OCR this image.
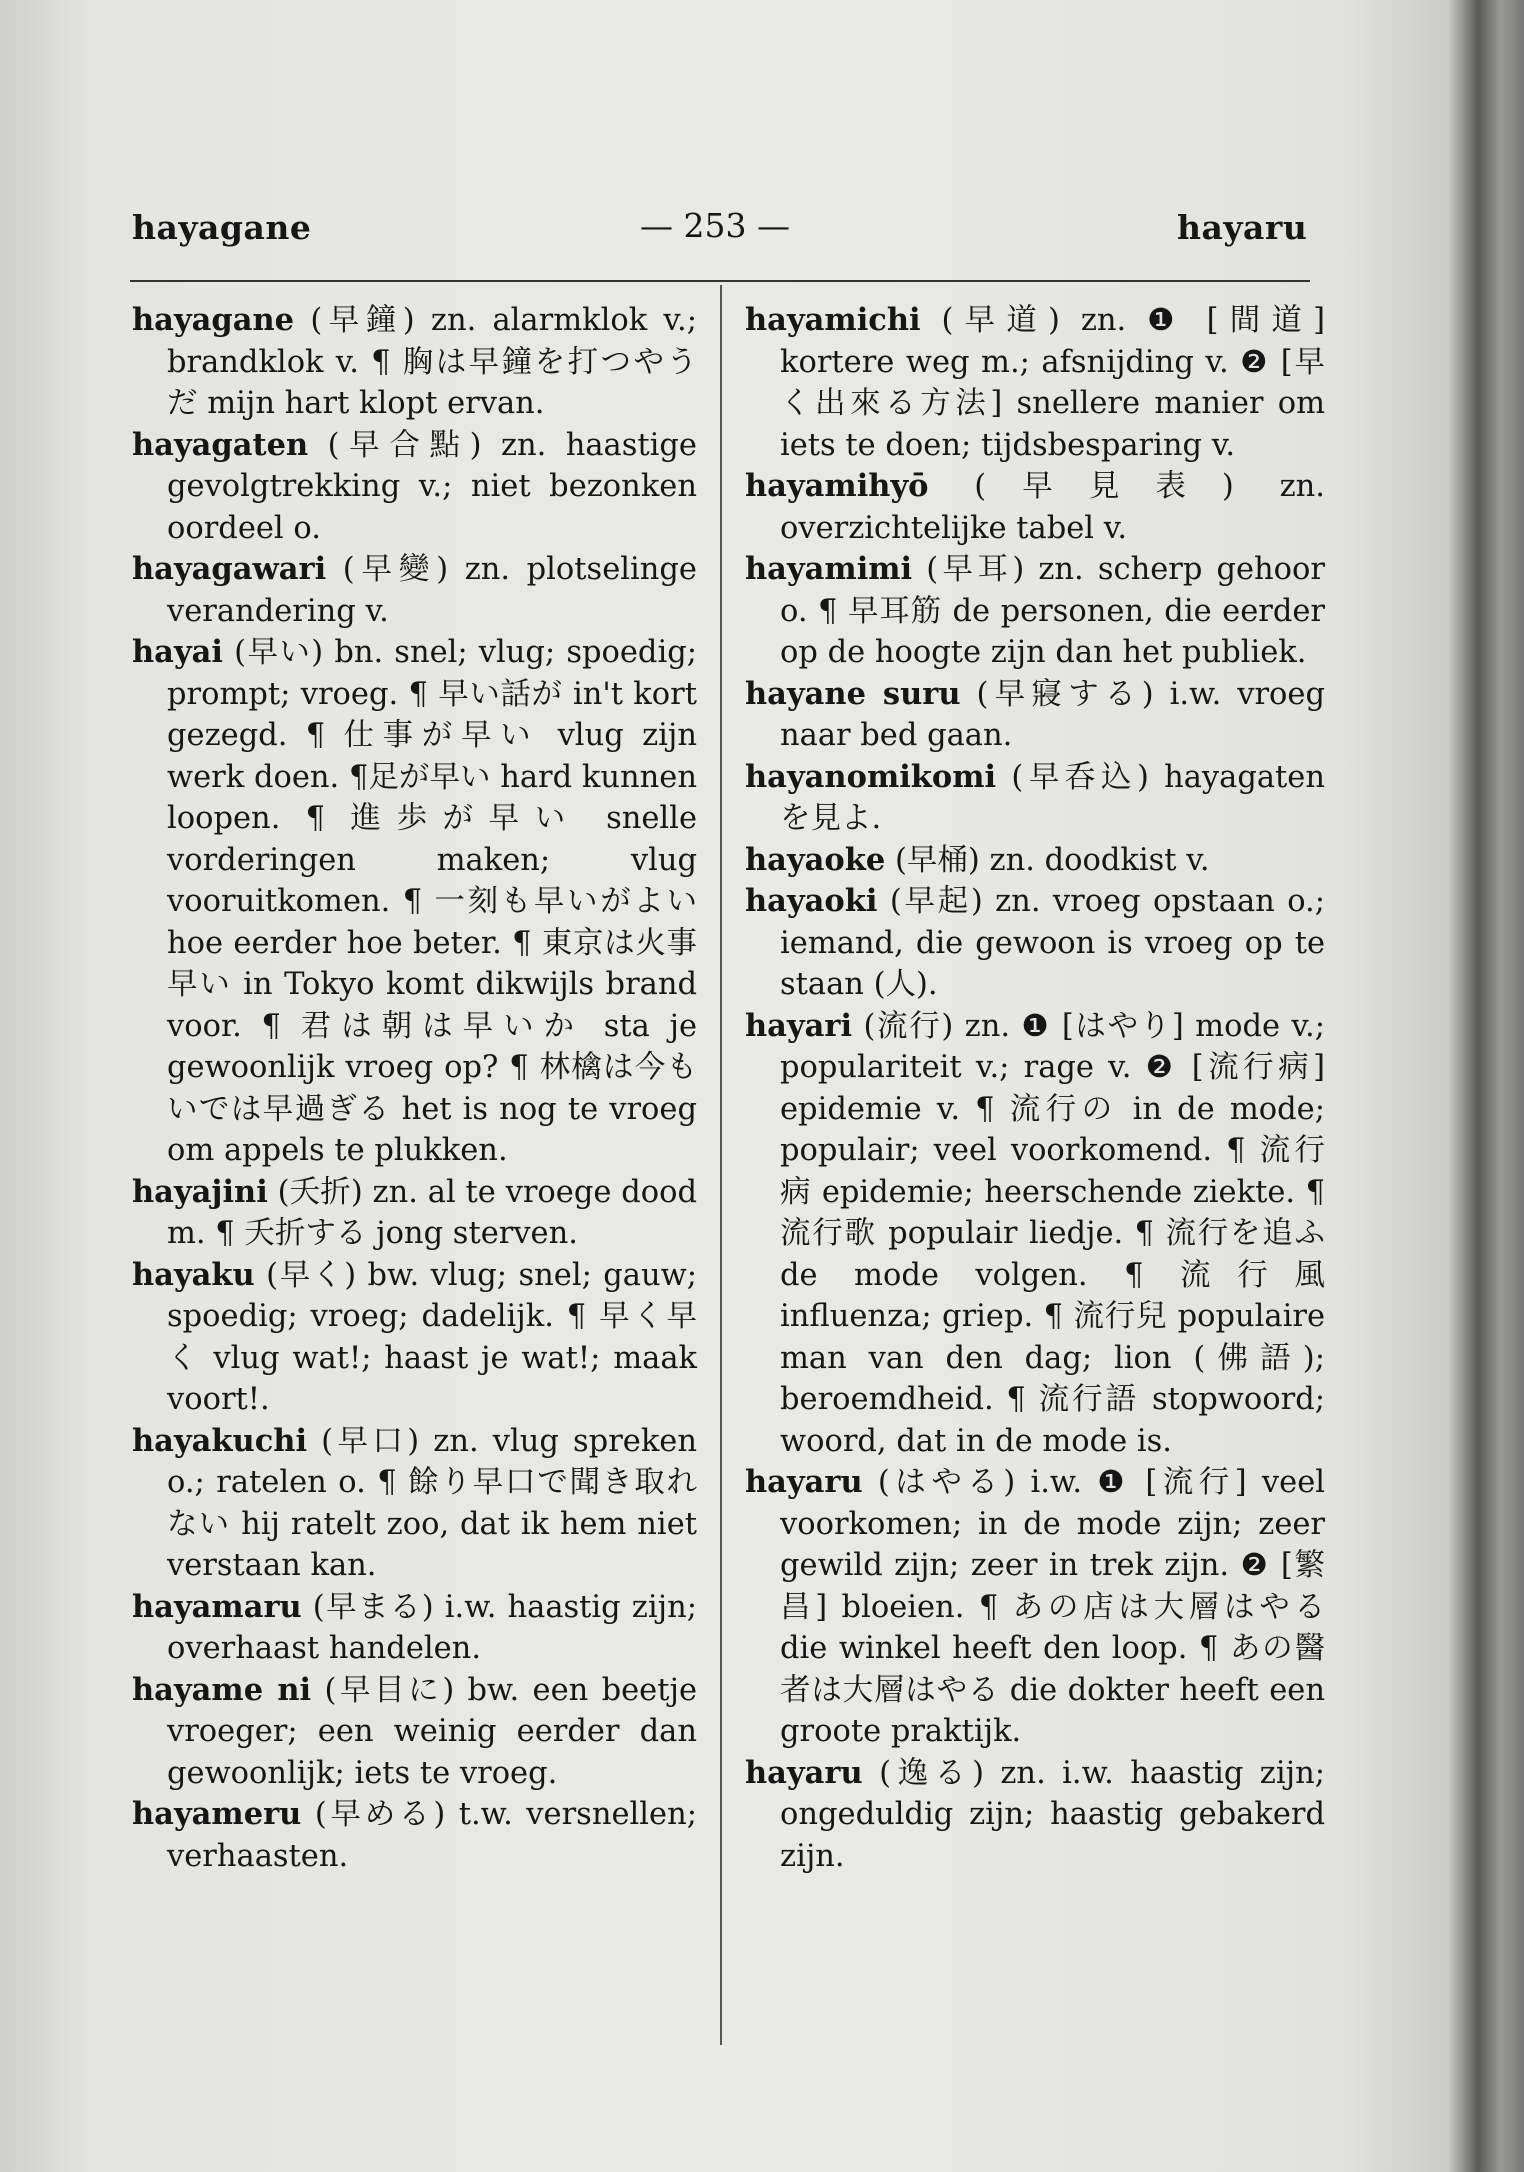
hayagane	— 253 —	hayaru

hayagane (早鐘) zn. alarmklok v.; brandklok v. ¶ 胸は早鐘を打つやうだ mijn hart klopt ervan.

hayagaten (早合點) zn. haastige gevolgtrekking v.; niet bezonken oordeel o.

hayagawari (早變) zn. plotselinge verandering v.

hayai (早い) bn. snel; vlug; spoedig; prompt; vroeg. ¶ 早い話が in't kort gezegd. ¶ 仕事が早い vlug zijn werk doen. ¶足が早い hard kunnen loopen. ¶ 進歩が早い snelle vorderingen maken; vlug vooruitkomen. ¶ 一刻も早いがよい hoe eerder hoe beter. ¶ 東京は火事早い in Tokyo komt dikwijls brand voor. ¶ 君は朝は早いか sta je gewoonlijk vroeg op? ¶ 林檎は今もいでは早過ぎる het is nog te vroeg om appels te plukken.

hayajini (夭折) zn. al te vroege dood m. ¶ 夭折する jong sterven.

hayaku (早く) bw. vlug; snel; gauw; spoedig; vroeg; dadelijk. ¶ 早く早く vlug wat!; haast je wat!; maak voort!.

hayakuchi (早口) zn. vlug spreken o.; ratelen o. ¶ 餘り早口で聞き取れない hij ratelt zoo, dat ik hem niet verstaan kan.

hayamaru (早まる) i.w. haastig zijn; overhaast handelen.

hayame ni (早目に) bw. een beetje vroeger; een weinig eerder dan gewoonlijk; iets te vroeg.

hayameru (早める) t.w. versnellen; verhaasten.

hayamichi (早道) zn. ❶ [間道] kortere weg m.; afsnijding v. ❷ [早く出來る方法] snellere manier om iets te doen; tijdsbesparing v.

hayamihyō (早見表) zn. overzichtelijke tabel v.

hayamimi (早耳) zn. scherp gehoor o. ¶ 早耳筋 de personen, die eerder op de hoogte zijn dan het publiek.

hayane suru (早寢する) i.w. vroeg naar bed gaan.

hayanomikomi (早呑込) hayagaten を見よ.

hayaoke (早桶) zn. doodkist v.

hayaoki (早起) zn. vroeg opstaan o.; iemand, die gewoon is vroeg op te staan (人).

hayari (流行) zn. ❶ [はやり] mode v.; populariteit v.; rage v. ❷ [流行病] epidemie v. ¶ 流行の in de mode; populair; veel voorkomend. ¶ 流行病 epidemie; heerschende ziekte. ¶ 流行歌 populair liedje. ¶ 流行を追ふ de mode volgen. ¶ 流行風 influenza; griep. ¶ 流行兒 populaire man van den dag; lion (佛語); beroemdheid. ¶ 流行語 stopwoord; woord, dat in de mode is.

hayaru (はやる) i.w. ❶ [流行] veel voorkomen; in de mode zijn; zeer gewild zijn; zeer in trek zijn. ❷ [繁昌] bloeien. ¶ あの店は大層はやる die winkel heeft den loop. ¶ あの醫者は大層はやる die dokter heeft een groote praktijk.

hayaru (逸る) zn. i.w. haastig zijn; ongeduldig zijn; haastig gebakerd zijn.
